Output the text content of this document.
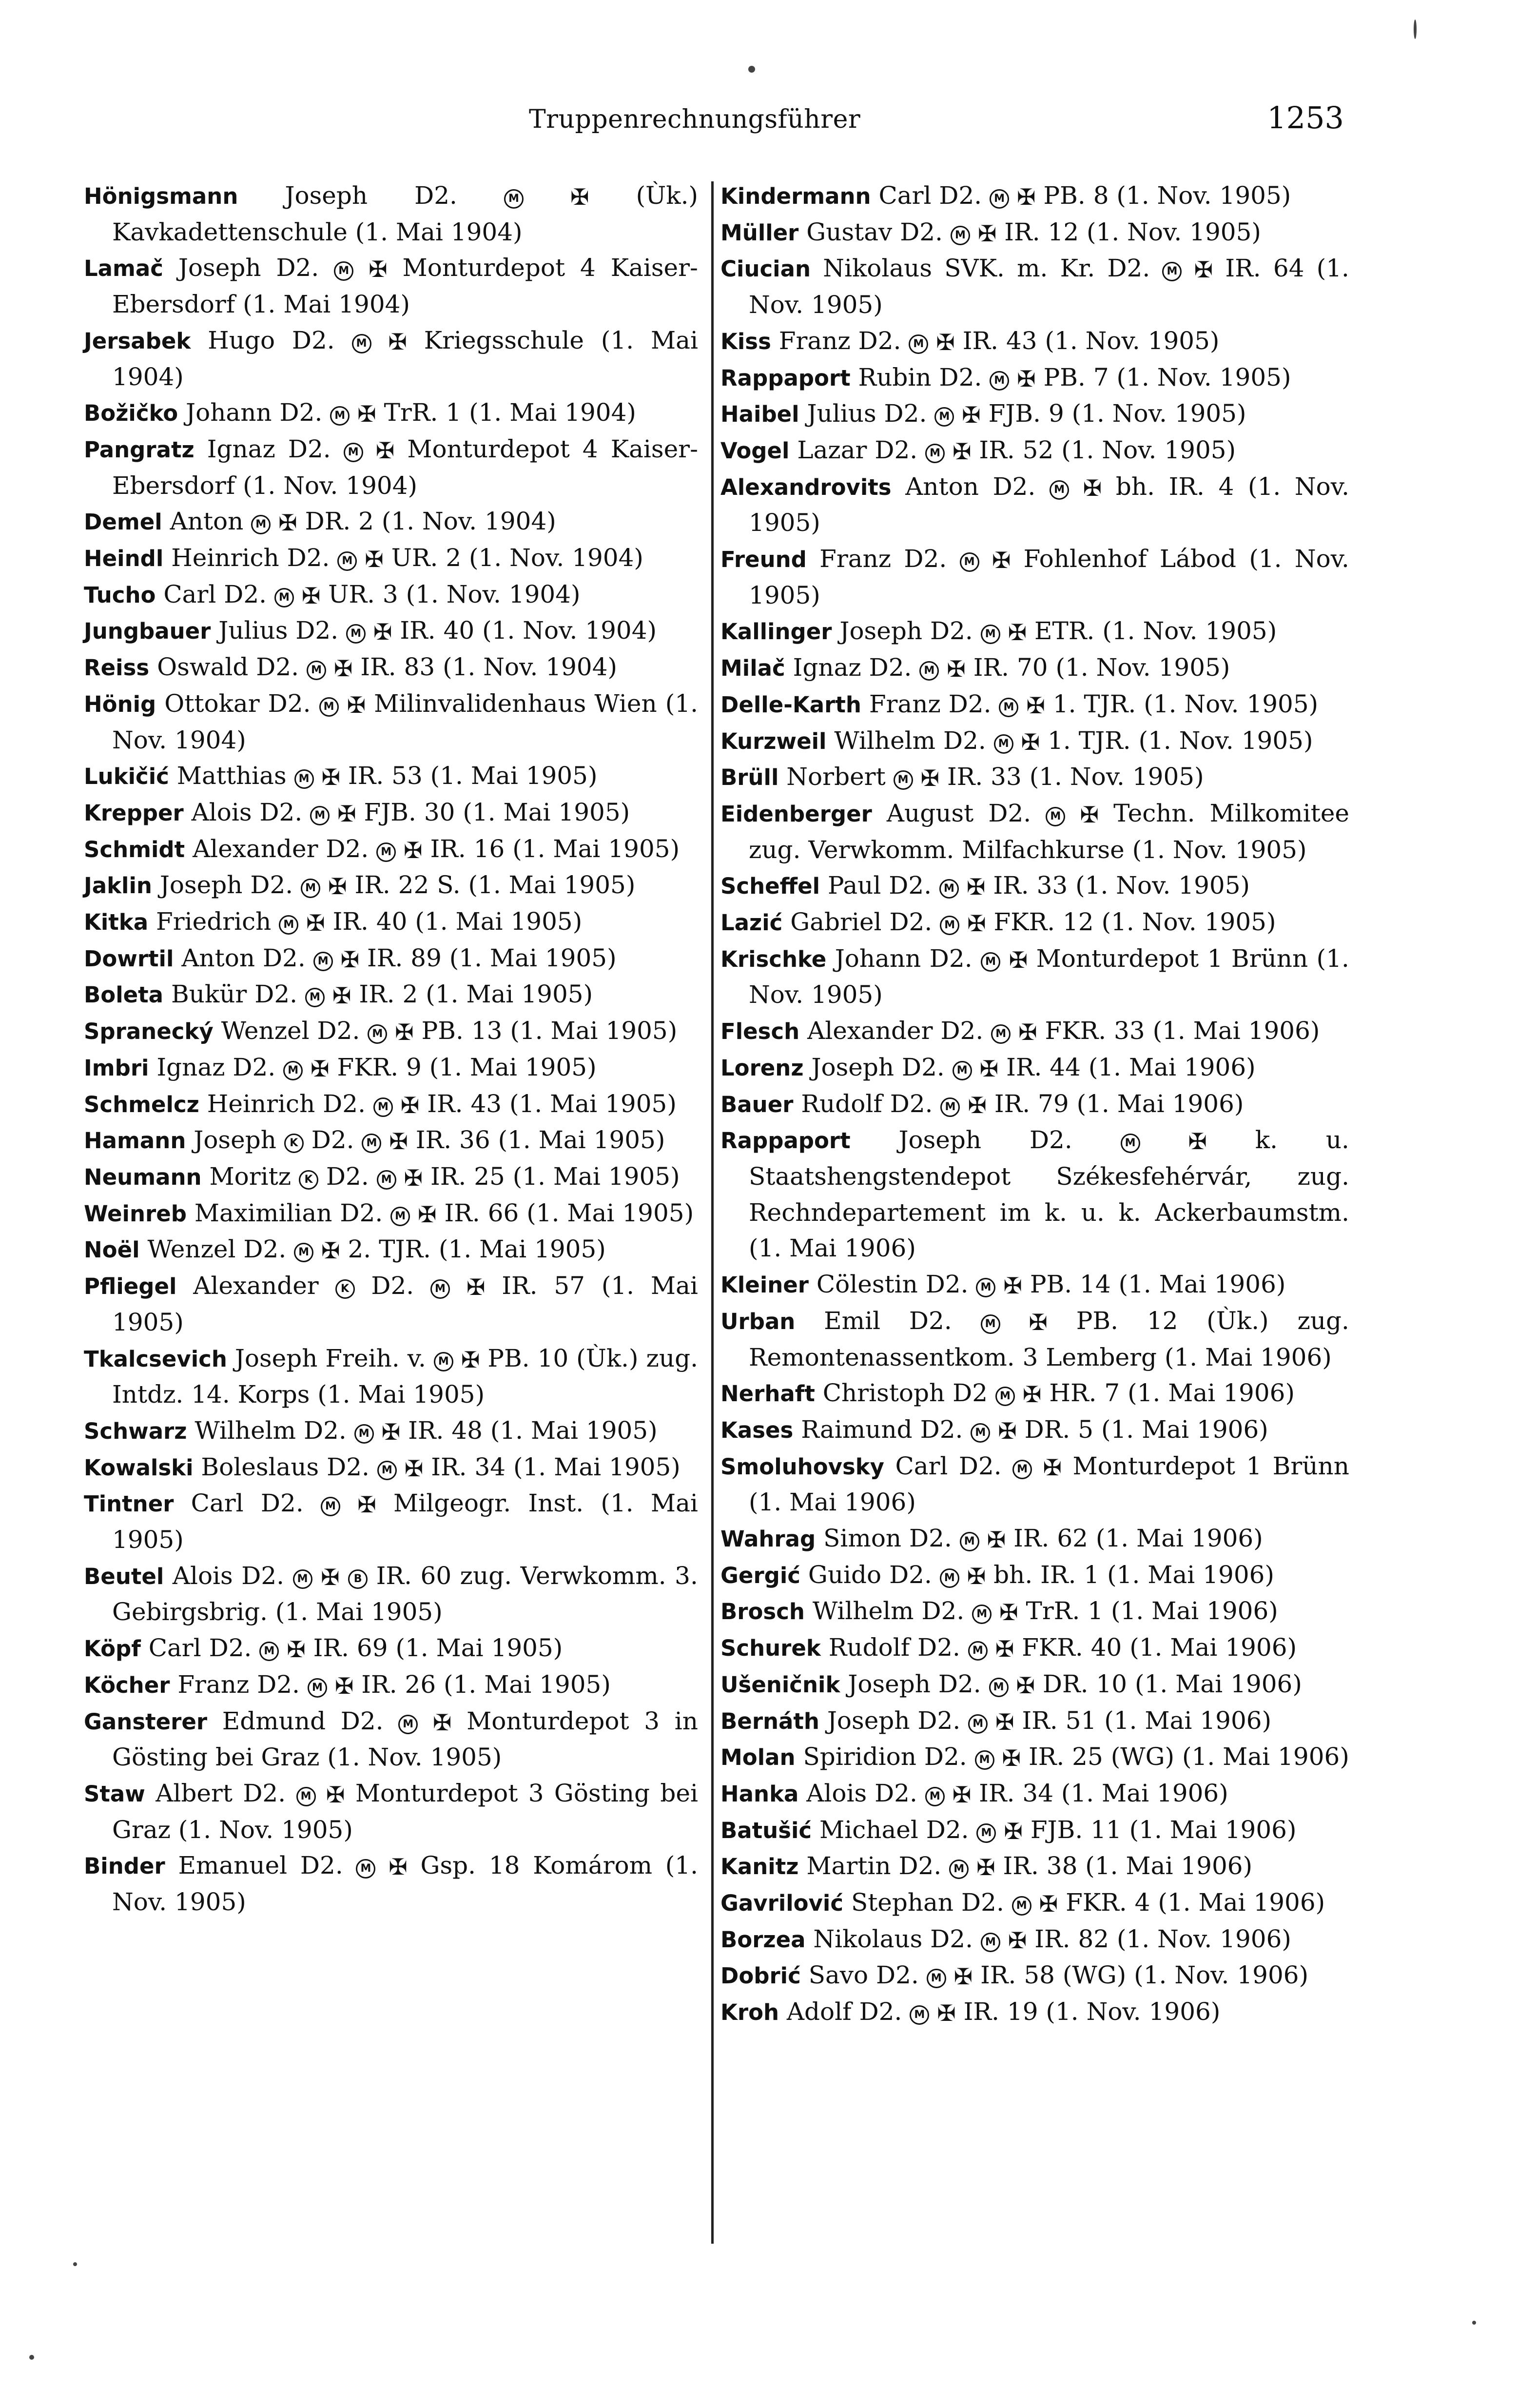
Truppenrechnungsführer	1253
Hönigsmann Joseph D2.	M ✠ (Ùk.) Kavkadettenschule (1. Mai 1904)
Lamač Joseph D2. M ✠ Monturdepot 4 Kaiser-Ebersdorf (1. Mai 1904)
Jersabek Hugo D2. M ✠ Kriegsschule (1. Mai 1904)
Božičko Johann D2. M ✠ TrR. 1 (1. Mai 1904)
Pangratz Ignaz D2. M ✠ Monturdepot 4 Kaiser-Ebersdorf (1. Nov. 1904)
Demel Anton M ✠ DR. 2 (1. Nov. 1904)
Heindl Heinrich D2. M ✠ UR. 2 (1. Nov. 1904)
Tucho Carl D2. M ✠ UR. 3 (1. Nov. 1904)
Jungbauer Julius D2. M ✠ IR. 40 (1. Nov. 1904)
Reiss Oswald D2. M ✠ IR. 83 (1. Nov. 1904)
Hönig Ottokar D2. M ✠ Milinvalidenhaus Wien (1. Nov. 1904)
Lukičić Matthias M ✠ IR. 53 (1. Mai 1905)
Krepper Alois D2. M ✠ FJB. 30 (1. Mai 1905)
Schmidt Alexander D2. M ✠ IR. 16 (1. Mai 1905)
Jaklin Joseph D2. M ✠ IR. 22 S. (1. Mai 1905)
Kitka Friedrich M ✠ IR. 40 (1. Mai 1905)
Dowrtil Anton D2. M ✠ IR. 89 (1. Mai 1905)
Boleta Bukür D2. M ✠ IR. 2 (1. Mai 1905)
Spranecký Wenzel D2. M ✠ PB. 13 (1. Mai 1905)
Imbri Ignaz D2. M ✠ FKR. 9 (1. Mai 1905)
Schmelcz Heinrich D2. M ✠ IR. 43 (1. Mai 1905)
Hamann Joseph K D2. M ✠ IR. 36 (1. Mai 1905)
Neumann Moritz K D2. M ✠ IR. 25 (1. Mai 1905)
Weinreb Maximilian D2. M ✠ IR. 66 (1. Mai 1905)
Noël Wenzel D2. M ✠ 2. TJR. (1. Mai 1905)
Pfliegel Alexander K D2. M ✠ IR. 57 (1. Mai 1905)
Tkalcsevich Joseph Freih. v. M ✠ PB. 10 (Ùk.) zug. Intdz. 14. Korps (1. Mai 1905)
Schwarz Wilhelm D2. M ✠ IR. 48 (1. Mai 1905)
Kowalski Boleslaus D2. M ✠ IR. 34 (1. Mai 1905)
Tintner Carl D2. M ✠ Milgeogr. Inst. (1. Mai 1905)
Beutel Alois D2. M ✠ B IR. 60 zug. Verwkomm. 3. Gebirgsbrig. (1. Mai 1905)
Köpf Carl D2. M ✠ IR. 69 (1. Mai 1905)
Köcher Franz D2. M ✠ IR. 26 (1. Mai 1905)
Gansterer Edmund D2. M ✠ Monturdepot 3 in Gösting bei Graz (1. Nov. 1905)
Staw Albert D2. M ✠ Monturdepot 3 Gösting bei Graz (1. Nov. 1905)
Binder Emanuel D2. M ✠ Gsp. 18 Komárom (1. Nov. 1905)
Kindermann Carl D2. M ✠ PB. 8 (1. Nov. 1905)
Müller Gustav D2. M ✠ IR. 12 (1. Nov. 1905)
Ciucian Nikolaus SVK. m. Kr. D2. M ✠ IR. 64 (1. Nov. 1905)
Kiss Franz D2. M ✠ IR. 43 (1. Nov. 1905)
Rappaport Rubin D2. M ✠ PB. 7 (1. Nov. 1905)
Haibel Julius D2. M ✠ FJB. 9 (1. Nov. 1905)
Vogel Lazar D2. M ✠ IR. 52 (1. Nov. 1905)
Alexandrovits Anton D2. M ✠ bh. IR. 4 (1. Nov. 1905)
Freund Franz D2. M ✠ Fohlenhof Lábod (1. Nov. 1905)
Kallinger Joseph D2. M ✠ ETR. (1. Nov. 1905)
Milač Ignaz D2. M ✠ IR. 70 (1. Nov. 1905)
Delle-Karth Franz D2. M ✠ 1. TJR. (1. Nov. 1905)
Kurzweil Wilhelm D2. M ✠ 1. TJR. (1. Nov. 1905)
Brüll Norbert M ✠ IR. 33 (1. Nov. 1905)
Eidenberger August D2. M ✠ Techn. Milkomitee zug. Verwkomm. Milfachkurse (1. Nov. 1905)
Scheffel Paul D2. M ✠ IR. 33 (1. Nov. 1905)
Lazić Gabriel D2. M ✠ FKR. 12 (1. Nov. 1905)
Krischke Johann D2. M ✠ Monturdepot 1 Brünn (1. Nov. 1905)
Flesch Alexander D2. M ✠ FKR. 33 (1. Mai 1906)
Lorenz Joseph D2. M ✠ IR. 44 (1. Mai 1906)
Bauer Rudolf D2. M ✠ IR. 79 (1. Mai 1906)
Rappaport Joseph D2.	M ✠ k. u. Staatshengstendepot Székesfehérvár, zug. Rechndepartement im k. u. k. Ackerbaumstm. (1. Mai 1906)
Kleiner Cölestin D2. M ✠ PB. 14 (1. Mai 1906)
Urban Emil D2.	M ✠ PB. 12 (Ùk.) zug. Remontenassentkom. 3 Lemberg (1. Mai 1906)
Nerhaft Christoph D2 M ✠ HR. 7 (1. Mai 1906)
Kases Raimund D2. M ✠ DR. 5 (1. Mai 1906)
Smoluhovsky Carl D2. M ✠ Monturdepot 1 Brünn (1. Mai 1906)
Wahrag Simon D2. M ✠ IR. 62 (1. Mai 1906)
Gergić Guido D2. M ✠ bh. IR. 1 (1. Mai 1906)
Brosch Wilhelm D2. M ✠ TrR. 1 (1. Mai 1906)
Schurek Rudolf D2. M ✠ FKR. 40 (1. Mai 1906)
Ušeničnik Joseph D2. M ✠ DR. 10 (1. Mai 1906)
Bernáth Joseph D2. M ✠ IR. 51 (1. Mai 1906)
Molan Spiridion D2. M ✠ IR. 25 (WG) (1. Mai 1906)
Hanka Alois D2. M ✠ IR. 34 (1. Mai 1906)
Batušić Michael D2. M ✠ FJB. 11 (1. Mai 1906)
Kanitz Martin D2. M ✠ IR. 38 (1. Mai 1906)
Gavrilović Stephan D2. M ✠ FKR. 4 (1. Mai 1906)
Borzea Nikolaus D2. M ✠ IR. 82 (1. Nov. 1906)
Dobrić Savo D2. M ✠ IR. 58 (WG) (1. Nov. 1906)
Kroh Adolf D2. M ✠ IR. 19 (1. Nov. 1906)
